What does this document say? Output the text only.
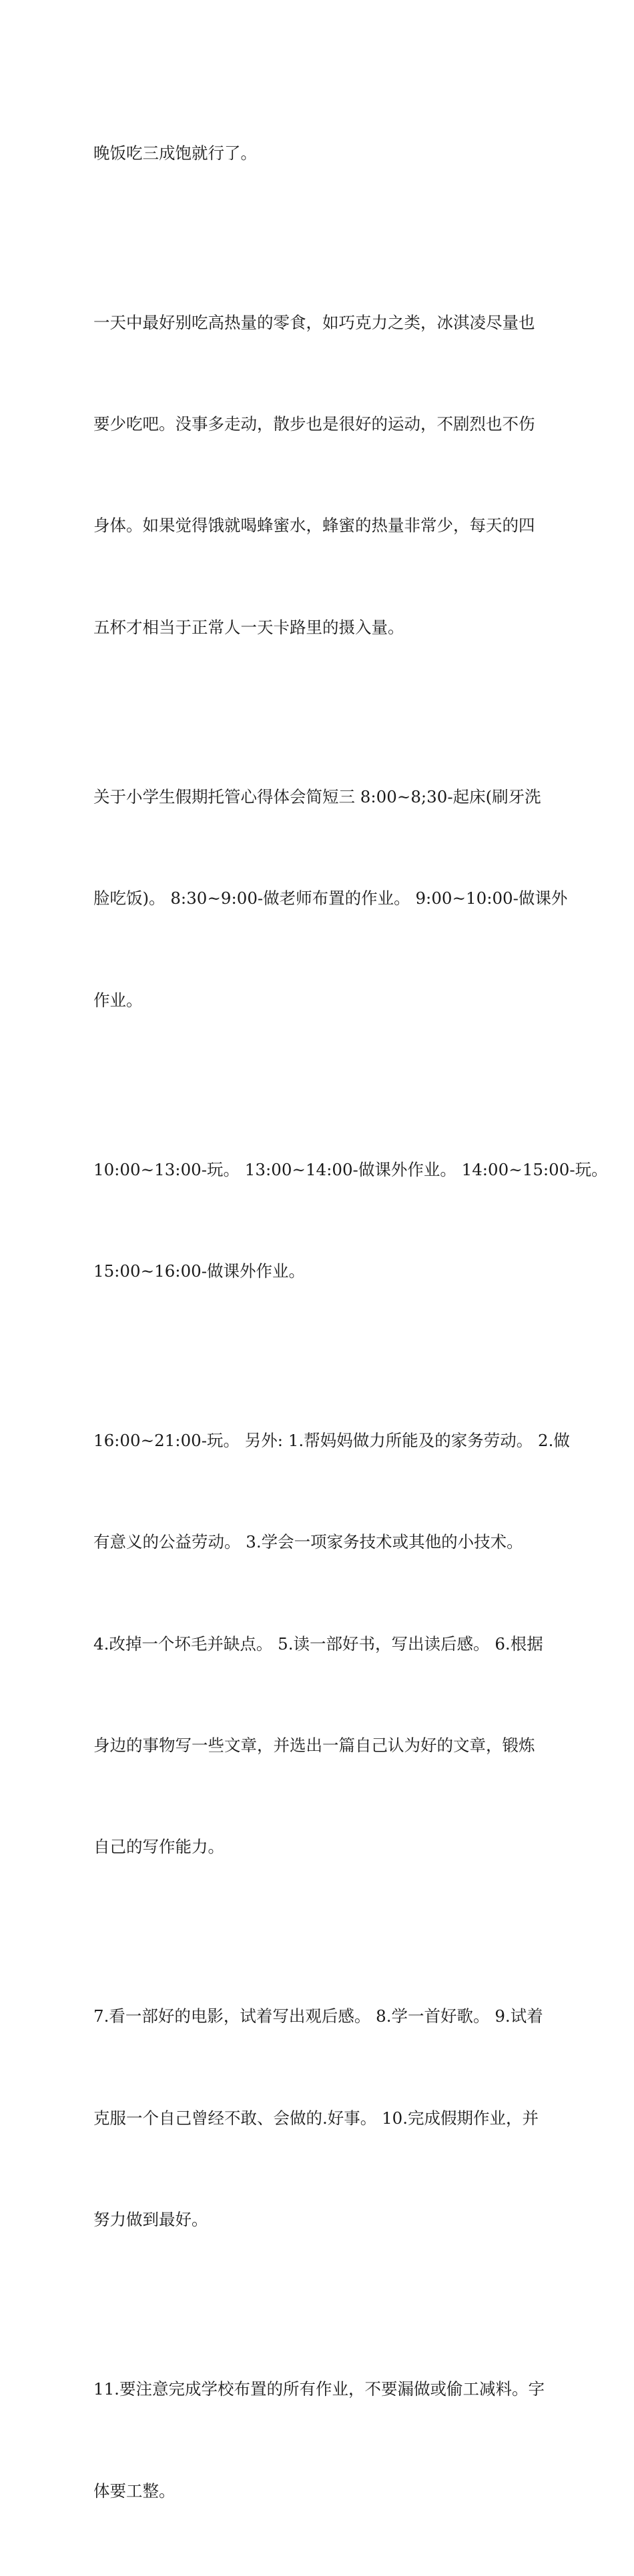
晚饭吃三成饱就行了。

一天中最好别吃高热量的零食，如巧克力之类，冰淇凌尽量也

要少吃吧。没事多走动，散步也是很好的运动，不剧烈也不伤

身体。如果觉得饿就喝蜂蜜水，蜂蜜的热量非常少，每天的四

五杯才相当于正常人一天卡路里的摄入量。

关于小学生假期托管心得体会简短三 8:00~8;30-起床(刷牙洗

脸吃饭)。 8:30~9:00-做老师布置的作业。 9:00~10:00-做课外

作业。

10:00~13:00-玩。 13:00~14:00-做课外作业。 14:00~15:00-玩。

15:00~16:00-做课外作业。

16:00~21:00-玩。 另外: 1.帮妈妈做力所能及的家务劳动。 2.做

有意义的公益劳动。 3.学会一项家务技术或其他的小技术。

4.改掉一个坏毛并缺点。 5.读一部好书，写出读后感。 6.根据

身边的事物写一些文章，并选出一篇自己认为好的文章，锻炼

自己的写作能力。

7.看一部好的电影，试着写出观后感。 8.学一首好歌。 9.试着

克服一个自己曾经不敢、会做的.好事。 10.完成假期作业，并

努力做到最好。

11.要注意完成学校布置的所有作业，不要漏做或偷工减料。字

体要工整。
